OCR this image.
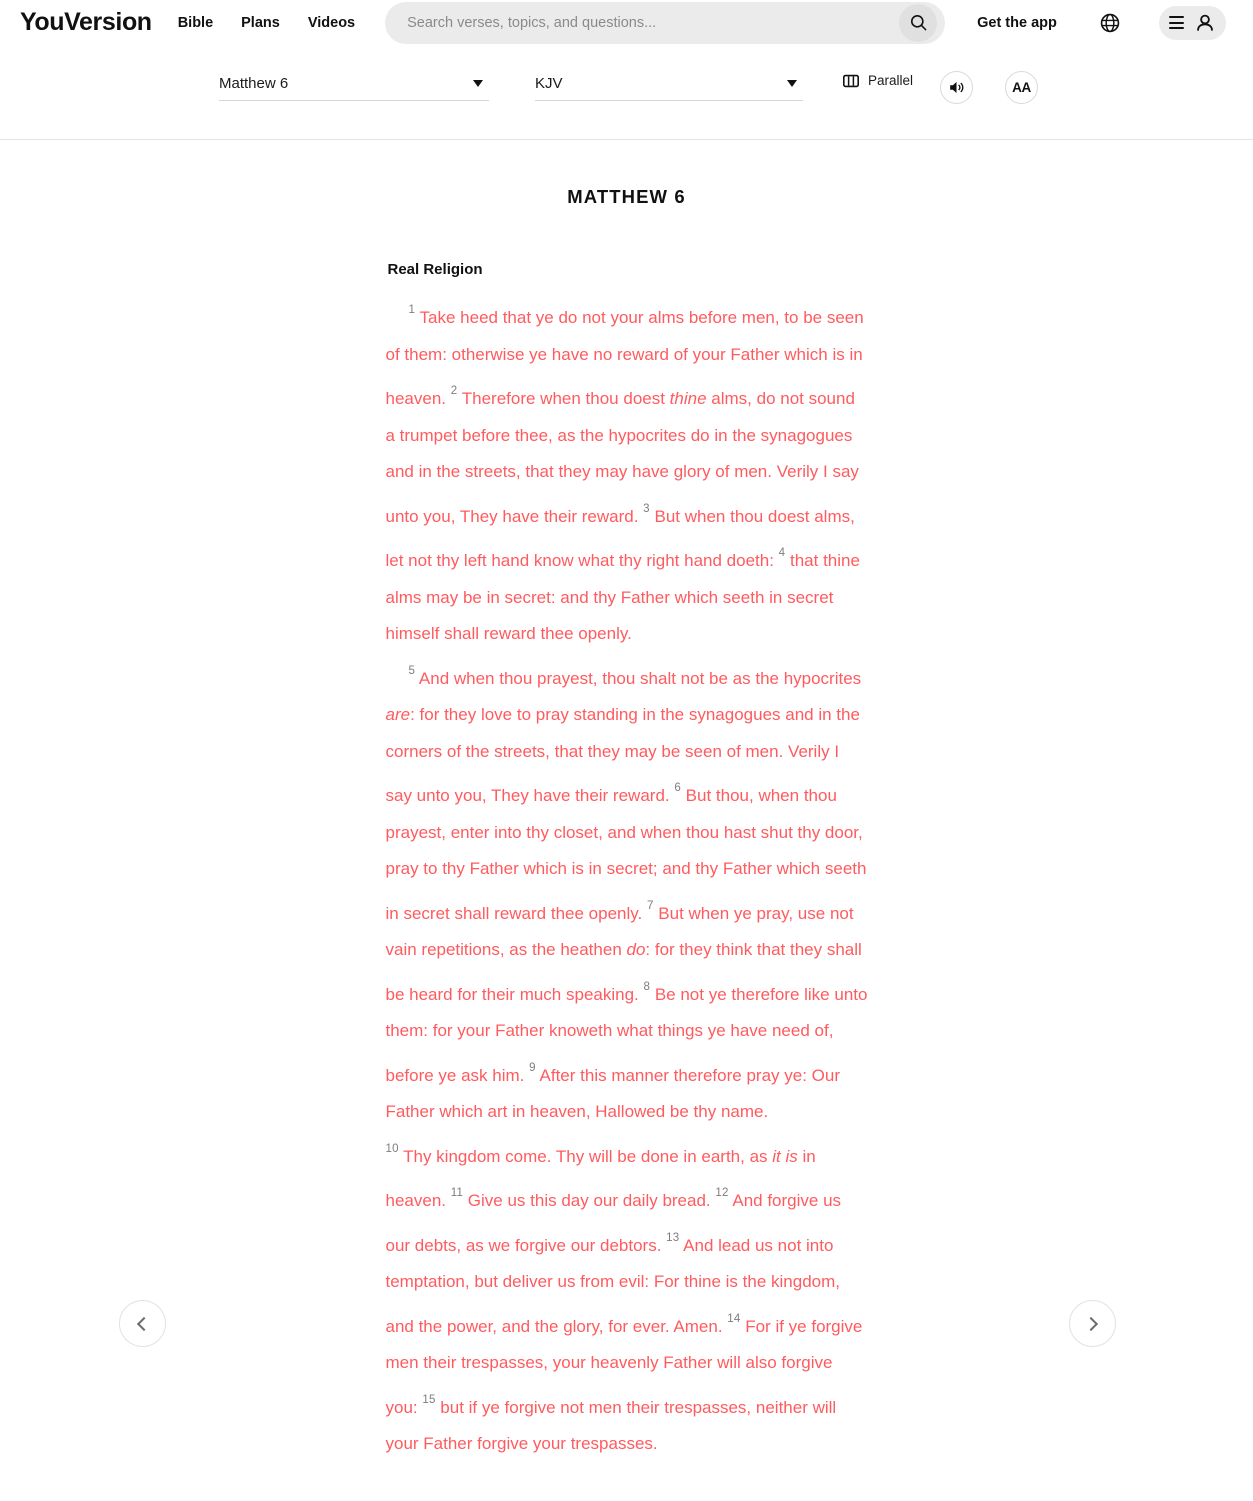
YouVersion Bible Plans Videos
Search verses, topics, and questions...	Get the app
Matthew 6	KJV	Parallel	AA
MATTHEW 6
Real Religion

$^1$ Take heed that ye do not your alms before men, to be seen of them: otherwise ye have no reward of your Father which is in heaven. $^2$ Therefore when thou doest thine alms, do not sound a trumpet before thee, as the hypocrites do in the synagogues and in the streets, that they may have glory of men. Verily I say unto you, They have their reward. $^3$ But when thou doest alms, let not thy left hand know what thy right hand doeth: $^4$ that thine alms may be in secret: and thy Father which seeth in secret himself shall reward thee openly.

$^5$ And when thou prayest, thou shalt not be as the hypocrites are: for they love to pray standing in the synagogues and in the corners of the streets, that they may be seen of men. Verily I say unto you, They have their reward. $^6$ But thou, when thou prayest, enter into thy closet, and when thou hast shut thy door, pray to thy Father which is in secret; and thy Father which seeth in secret shall reward thee openly. $^7$ But when ye pray, use not vain repetitions, as the heathen do: for they think that they shall be heard for their much speaking. $^8$ Be not ye therefore like unto them: for your Father knoweth what things ye have need of, before ye ask him. $^9$ After this manner therefore pray ye: Our Father which art in heaven, Hallowed be thy name.
$^{10}$ Thy kingdom come. Thy will be done in earth, as it is in heaven. $^{11}$ Give us this day our daily bread. $^{12}$ And forgive us our debts, as we forgive our debtors. $^{13}$ And lead us not into temptation, but deliver us from evil: For thine is the kingdom, and the power, and the glory, for ever. Amen. $^{14}$ For if ye forgive men their trespasses, your heavenly Father will also forgive you: $^{15}$ but if ye forgive not men their trespasses, neither will your Father forgive your trespasses.
